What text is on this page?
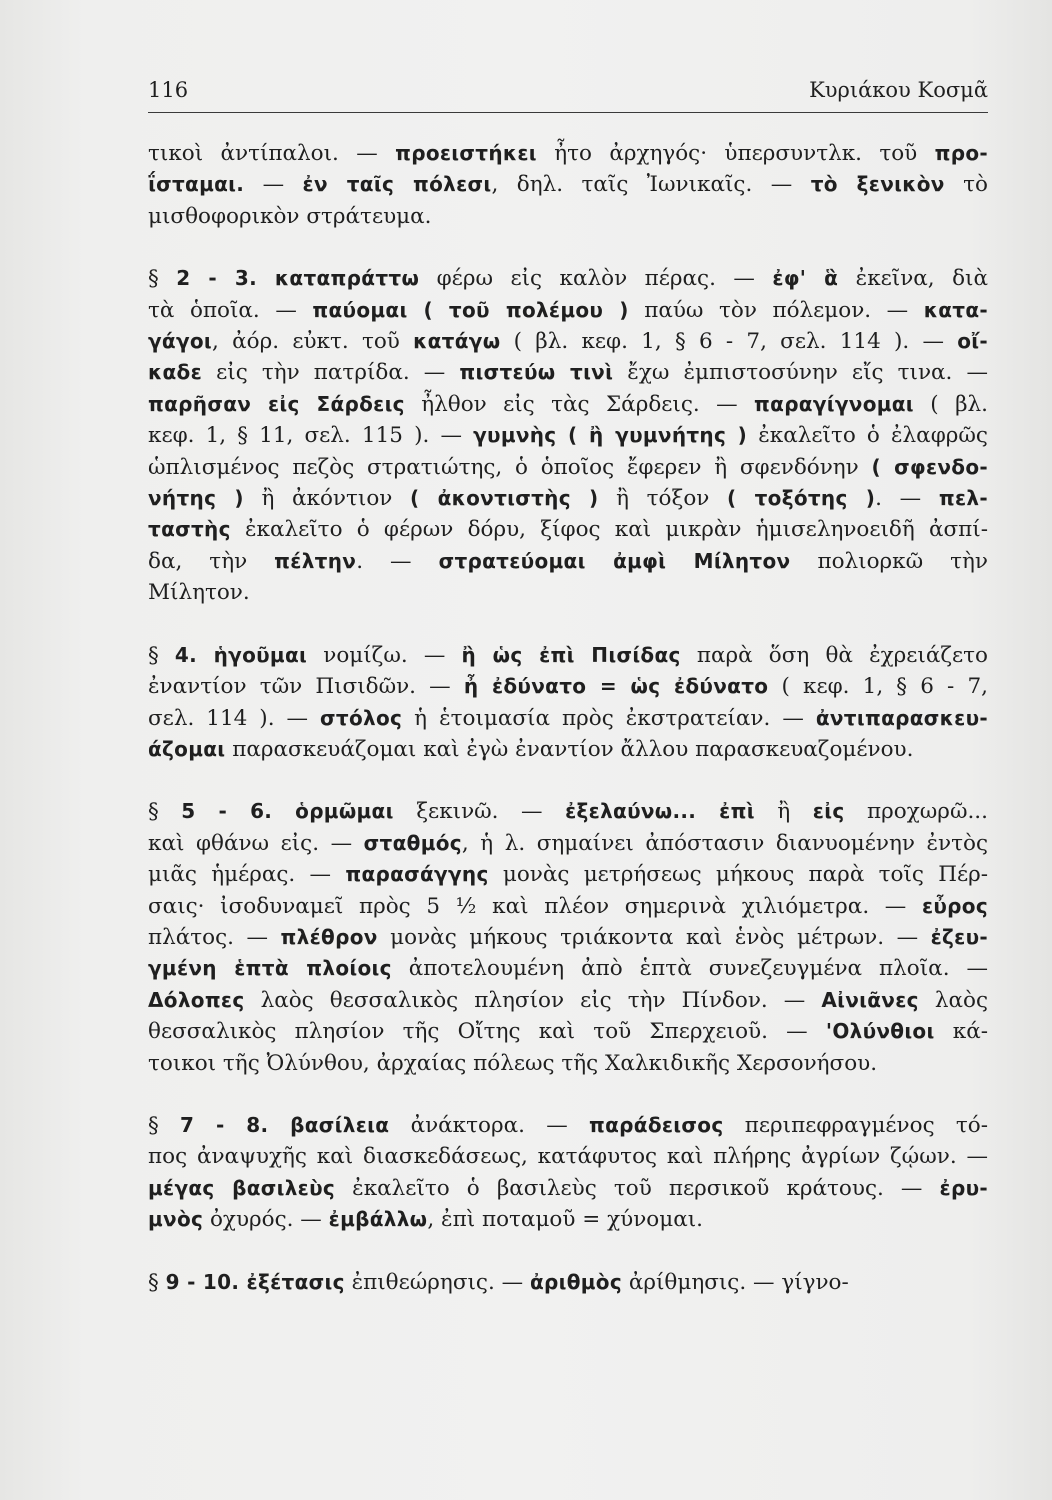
116	Κυριάκου Κοσμᾶ
τικοὶ ἀντίπαλοι. — προειστήκει ἦτο ἀρχηγός· ὑπερσυντλκ. τοῦ προ-
ΐσταμαι. — ἐν ταῖς πόλεσι, δηλ. ταῖς Ἰωνικαῖς. — τὸ ξενικὸν τὸ
μισθοφορικὸν στράτευμα.
§ 2 - 3. καταπράττω φέρω εἰς καλὸν πέρας. — ἐφ' ἃ ἐκεῖνα, διὰ
τὰ ὁποῖα. — παύομαι ( τοῦ πολέμου ) παύω τὸν πόλεμον. — κατα-
γάγοι, ἀόρ. εὐκτ. τοῦ κατάγω ( βλ. κεφ. 1, § 6 - 7, σελ. 114 ). — οἴ-
καδε εἰς τὴν πατρίδα. — πιστεύω τινὶ ἔχω ἐμπιστοσύνην εἴς τινα. —
παρῆσαν εἰς Σάρδεις ἦλθον εἰς τὰς Σάρδεις. — παραγίγνομαι ( βλ.
κεφ. 1, § 11, σελ. 115 ). — γυμνὴς ( ἢ γυμνήτης ) ἐκαλεῖτο ὁ ἐλαφρῶς
ὡπλισμένος πεζὸς στρατιώτης, ὁ ὁποῖος ἔφερεν ἢ σφενδόνην ( σφενδο-
νήτης ) ἢ ἀκόντιον ( ἀκοντιστὴς ) ἢ τόξον ( τοξότης ). — πελ-
ταστὴς ἐκαλεῖτο ὁ φέρων δόρυ, ξίφος καὶ μικρὰν ἡμισεληνοειδῆ ἀσπί-
δα, τὴν πέλτην. — στρατεύομαι ἀμφὶ Μίλητον πολιορκῶ τὴν
Μίλητον.
§ 4. ἡγοῦμαι νομίζω. — ἢ ὡς ἐπὶ Πισίδας παρὰ ὅση θὰ ἐχρειάζετο
ἐναντίον τῶν Πισιδῶν. — ἦ ἐδύνατο = ὡς ἐδύνατο ( κεφ. 1, § 6 - 7,
σελ. 114 ). — στόλος ἡ ἑτοιμασία πρὸς ἐκστρατείαν. — ἀντιπαρασκευ-
άζομαι παρασκευάζομαι καὶ ἐγὼ ἐναντίον ἄλλου παρασκευαζομένου.
§ 5 - 6. ὁρμῶμαι ξεκινῶ. — ἐξελαύνω... ἐπὶ ἢ εἰς προχωρῶ...
καὶ φθάνω εἰς. — σταθμός, ἡ λ. σημαίνει ἀπόστασιν διανυομένην ἐντὸς
μιᾶς ἡμέρας. — παρασάγγης μονὰς μετρήσεως μήκους παρὰ τοῖς Πέρ-
σαις· ἰσοδυναμεῖ πρὸς 5 ½ καὶ πλέον σημερινὰ χιλιόμετρα. — εὖρος
πλάτος. — πλέθρον μονὰς μήκους τριάκοντα καὶ ἑνὸς μέτρων. — ἐζευ-
γμένη ἑπτὰ πλοίοις ἀποτελουμένη ἀπὸ ἑπτὰ συνεζευγμένα πλοῖα. —
Δόλοπες λαὸς θεσσαλικὸς πλησίον εἰς τὴν Πίνδον. — Αἰνιᾶνες λαὸς
θεσσαλικὸς πλησίον τῆς Οἴτης καὶ τοῦ Σπερχειοῦ. — 'Ολύνθιοι κά-
τοικοι τῆς Ὀλύνθου, ἀρχαίας πόλεως τῆς Χαλκιδικῆς Χερσονήσου.
§ 7 - 8. βασίλεια ἀνάκτορα. — παράδεισος περιπεφραγμένος τό-
πος ἀναψυχῆς καὶ διασκεδάσεως, κατάφυτος καὶ πλήρης ἀγρίων ζῴων. —
μέγας βασιλεὺς ἐκαλεῖτο ὁ βασιλεὺς τοῦ περσικοῦ κράτους. — ἐρυ-
μνὸς ὀχυρός. — ἐμβάλλω, ἐπὶ ποταμοῦ = χύνομαι.
§ 9 - 10. ἐξέτασις ἐπιθεώρησις. — ἀριθμὸς ἀρίθμησις. — γίγνο-
